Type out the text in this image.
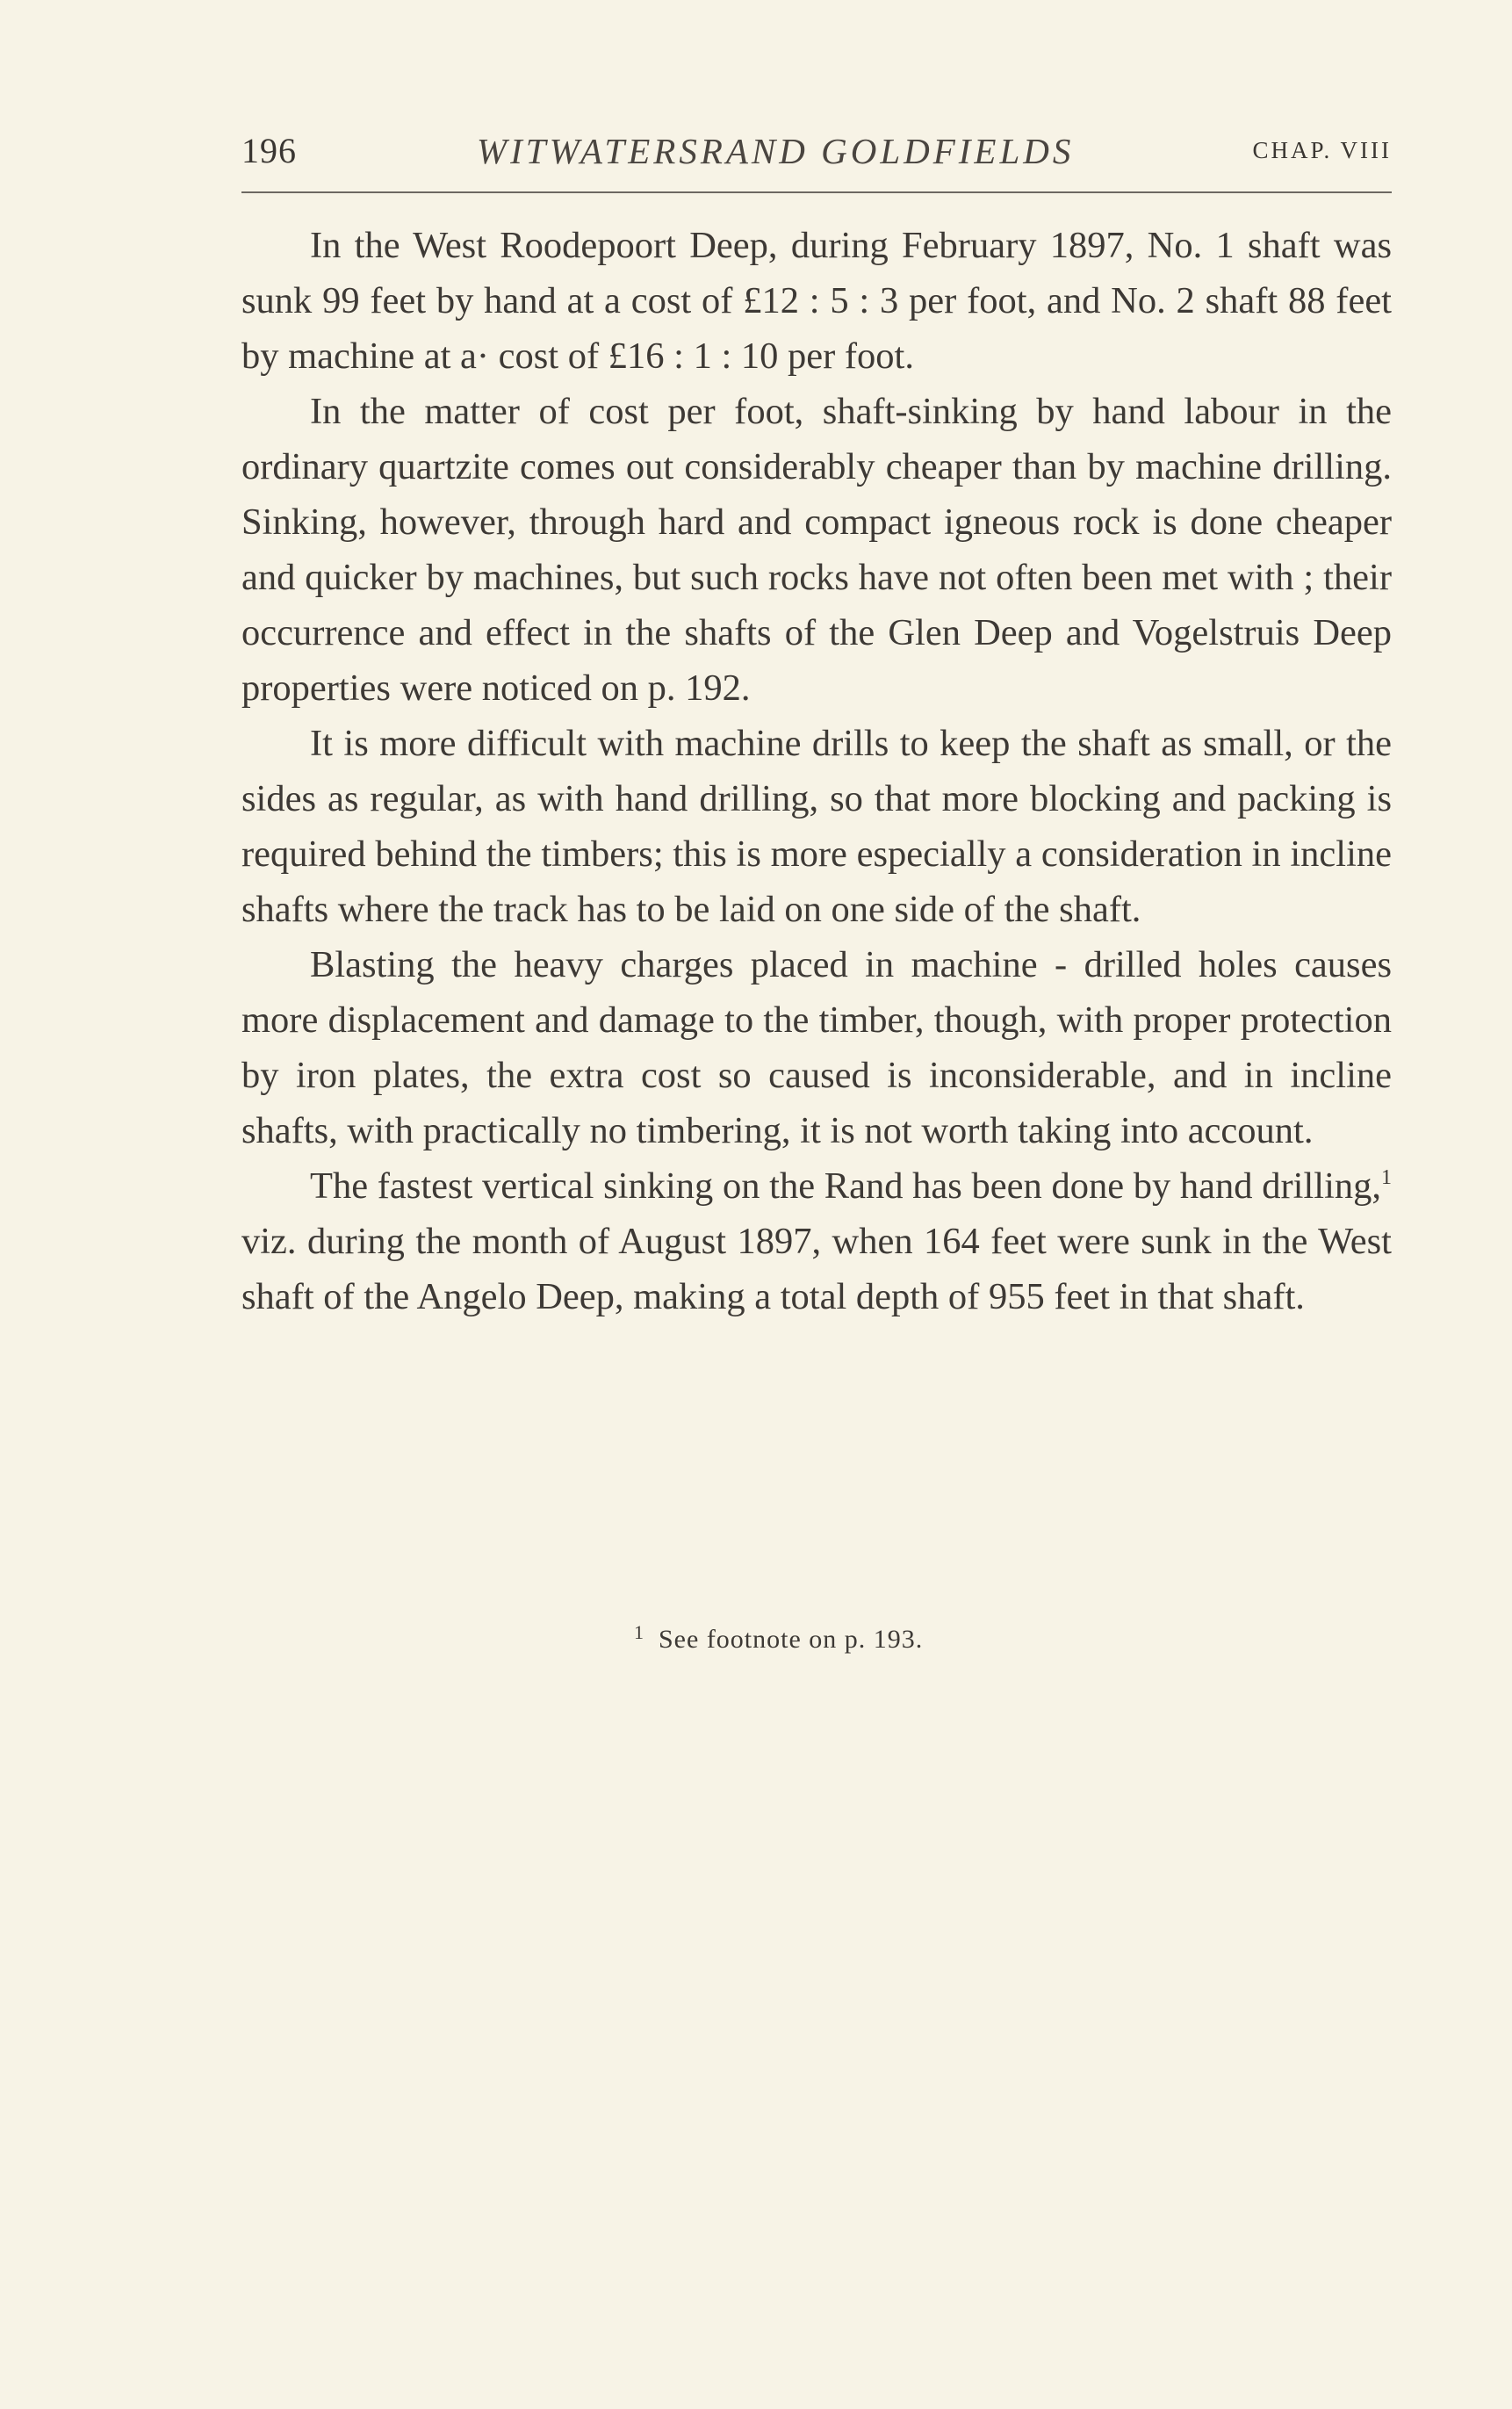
196	WITWATERSRAND GOLDFIELDS	CHAP. VIII

In the West Roodepoort Deep, during February 1897, No. 1 shaft was sunk 99 feet by hand at a cost of £12 : 5 : 3 per foot, and No. 2 shaft 88 feet by machine at a· cost of £16 : 1 : 10 per foot.

In the matter of cost per foot, shaft-sinking by hand labour in the ordinary quartzite comes out considerably cheaper than by machine drilling. Sinking, however, through hard and compact igneous rock is done cheaper and quicker by machines, but such rocks have not often been met with ; their occurrence and effect in the shafts of the Glen Deep and Vogelstruis Deep properties were noticed on p. 192.

It is more difficult with machine drills to keep the shaft as small, or the sides as regular, as with hand drilling, so that more blocking and packing is required behind the timbers; this is more especially a consideration in incline shafts where the track has to be laid on one side of the shaft.

Blasting the heavy charges placed in machine - drilled holes causes more displacement and damage to the timber, though, with proper protection by iron plates, the extra cost so caused is inconsiderable, and in incline shafts, with practically no timbering, it is not worth taking into account.

The fastest vertical sinking on the Rand has been done by hand drilling,$^1$ viz. during the month of August 1897, when 164 feet were sunk in the West shaft of the Angelo Deep, making a total depth of 955 feet in that shaft.

$^1$ See footnote on p. 193.
